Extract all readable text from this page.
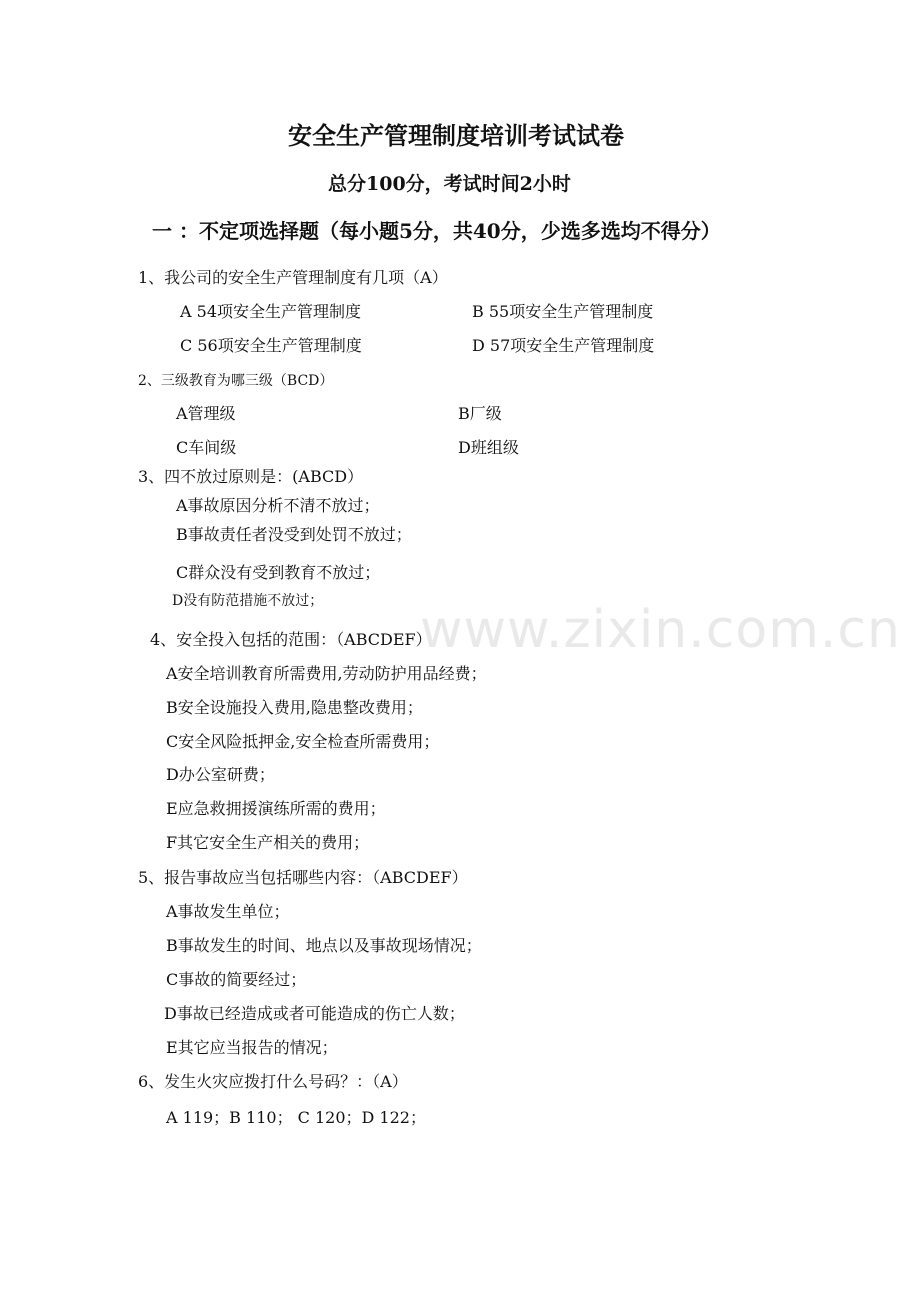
www.zixin.com.cn
安全生产管理制度培训考试试卷
总分100分，考试时间2小时
一 ：不定项选择题（每小题5分，共40分，少选多选均不得分）
1、我公司的安全生产管理制度有几项（A）
A 54项安全生产管理制度	B 55项安全生产管理制度
C 56项安全生产管理制度	D 57项安全生产管理制度
2、三级教育为哪三级（BCD）
A管理级	B厂级
C车间级	D班组级
3、四不放过原则是：(ABCD）
A事故原因分析不清不放过；
B事故责任者没受到处罚不放过；
C群众没有受到教育不放过；
D没有防范措施不放过；
4、安全投入包括的范围：（ABCDEF）
A安全培训教育所需费用,劳动防护用品经费；
B安全设施投入费用,隐患整改费用；
C安全风险抵押金,安全检查所需费用；
D办公室研费；
E应急救拥援演练所需的费用；
F其它安全生产相关的费用；
5、报告事故应当包括哪些内容：（ABCDEF）
A事故发生单位；
B事故发生的时间、地点以及事故现场情况；
C事故的简要经过；
D事故已经造成或者可能造成的伤亡人数；
E其它应当报告的情况；
6、发生火灾应拨打什么号码？：（A）
A 119；B 110； C 120；D 122；
